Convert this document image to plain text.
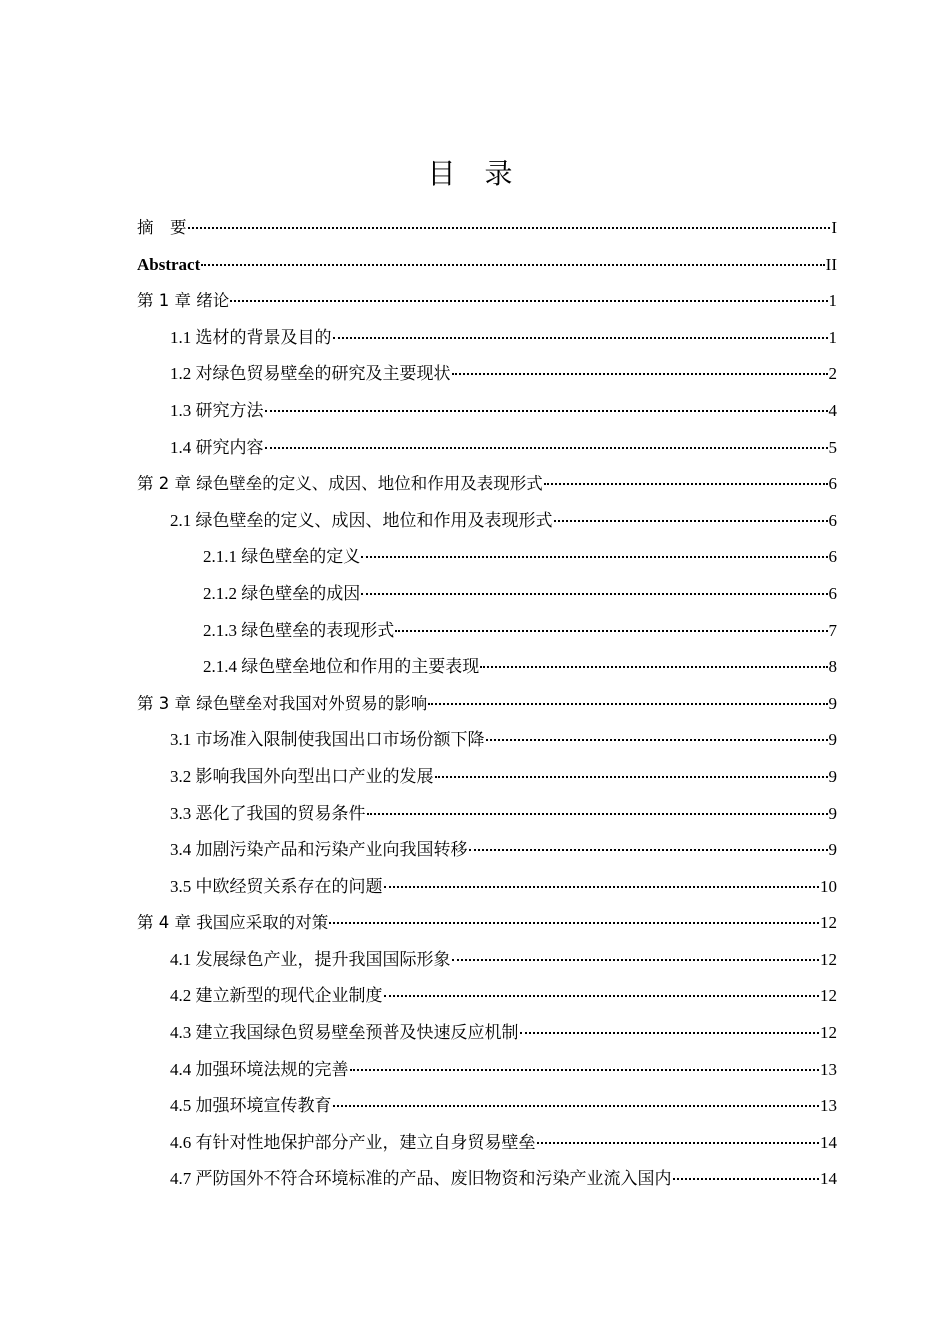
目 录
摘　要	I
Abstract	II
第 1 章 绪论	1
1.1 选材的背景及目的	1
1.2 对绿色贸易壁垒的研究及主要现状	2
1.3 研究方法	4
1.4 研究内容	5
第 2 章 绿色壁垒的定义、成因、地位和作用及表现形式	6
2.1 绿色壁垒的定义、成因、地位和作用及表现形式	6
2.1.1 绿色壁垒的定义	6
2.1.2 绿色壁垒的成因	6
2.1.3 绿色壁垒的表现形式	7
2.1.4 绿色壁垒地位和作用的主要表现	8
第 3 章 绿色壁垒对我国对外贸易的影响	9
3.1 市场准入限制使我国出口市场份额下降	9
3.2 影响我国外向型出口产业的发展	9
3.3 恶化了我国的贸易条件	9
3.4 加剧污染产品和污染产业向我国转移	9
3.5 中欧经贸关系存在的问题	10
第 4 章 我国应采取的对策	12
4.1 发展绿色产业，提升我国国际形象	12
4.2 建立新型的现代企业制度	12
4.3 建立我国绿色贸易壁垒预普及快速反应机制	12
4.4 加强环境法规的完善	13
4.5 加强环境宣传教育	13
4.6 有针对性地保护部分产业，建立自身贸易壁垒	14
4.7 严防国外不符合环境标准的产品、废旧物资和污染产业流入国内	14
